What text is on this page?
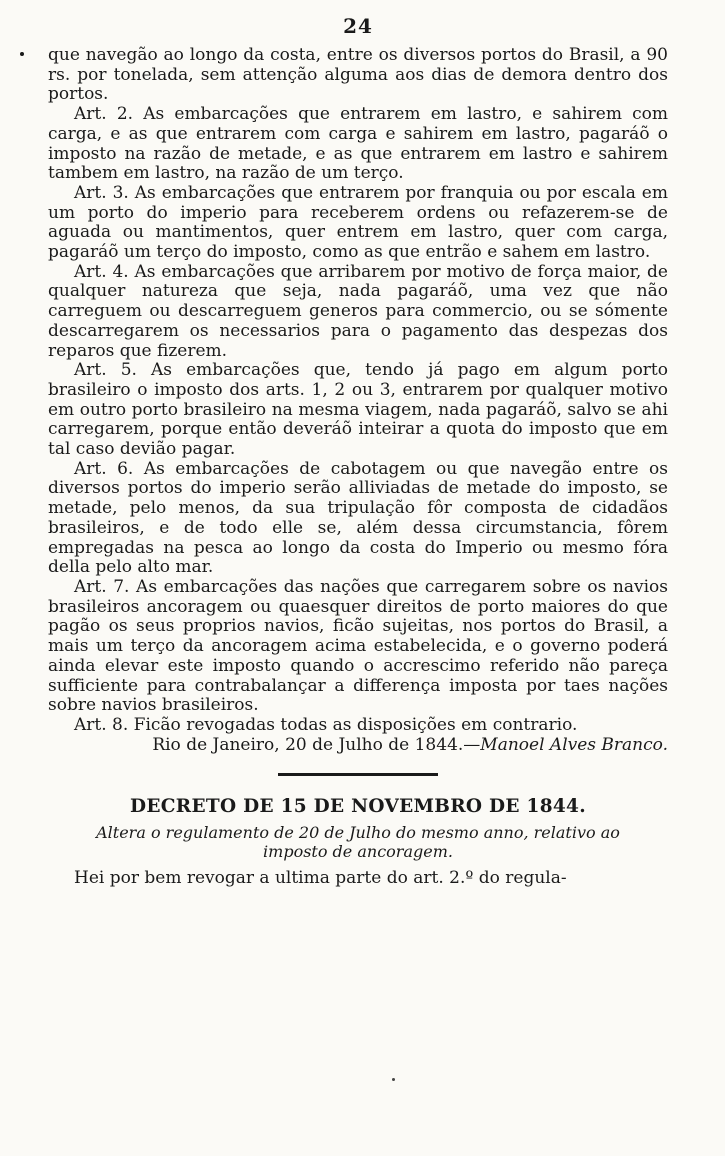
24

que navegão ao longo da costa, entre os diversos portos do Brasil, a 90 rs. por tonelada, sem attenção alguma aos dias de demora dentro dos portos.

Art. 2. As embarcações que entrarem em lastro, e sahirem com carga, e as que entrarem com carga e sahirem em lastro, pagaráõ o imposto na razão de metade, e as que entrarem em lastro e sahirem tambem em lastro, na razão de um terço.

Art. 3. As embarcações que entrarem por franquia ou por escala em um porto do imperio para receberem ordens ou refazerem-se de aguada ou mantimentos, quer entrem em lastro, quer com carga, pagaráõ um terço do imposto, como as que entrão e sahem em lastro.

Art. 4. As embarcações que arribarem por motivo de força maior, de qualquer natureza que seja, nada pagaráõ, uma vez que não carreguem ou descarreguem generos para commercio, ou se sómente descarregarem os necessarios para o pagamento das despezas dos reparos que fizerem.

Art. 5. As embarcações que, tendo já pago em algum porto brasileiro o imposto dos arts. 1, 2 ou 3, entrarem por qualquer motivo em outro porto brasileiro na mesma viagem, nada pagaráõ, salvo se ahi carregarem, porque então deveráõ inteirar a quota do imposto que em tal caso devião pagar.

Art. 6. As embarcações de cabotagem ou que navegão entre os diversos portos do imperio serão alliviadas de metade do imposto, se metade, pelo menos, da sua tripulação fôr composta de cidadãos brasileiros, e de todo elle se, além dessa circumstancia, fôrem empregadas na pesca ao longo da costa do Imperio ou mesmo fóra della pelo alto mar.

Art. 7. As embarcações das nações que carregarem sobre os navios brasileiros ancoragem ou quaesquer direitos de porto maiores do que pagão os seus proprios navios, ficão sujeitas, nos portos do Brasil, a mais um terço da ancoragem acima estabelecida, e o governo poderá ainda elevar este imposto quando o accrescimo referido não pareça sufficiente para contrabalançar a differença imposta por taes nações sobre navios brasileiros.

Art. 8. Ficão revogadas todas as disposições em contrario.

Rio de Janeiro, 20 de Julho de 1844.—Manoel Alves Branco.

DECRETO DE 15 DE NOVEMBRO DE 1844.
Altera o regulamento de 20 de Julho do mesmo anno, relativo ao imposto de ancoragem.

Hei por bem revogar a ultima parte do art. 2.º do regula-
